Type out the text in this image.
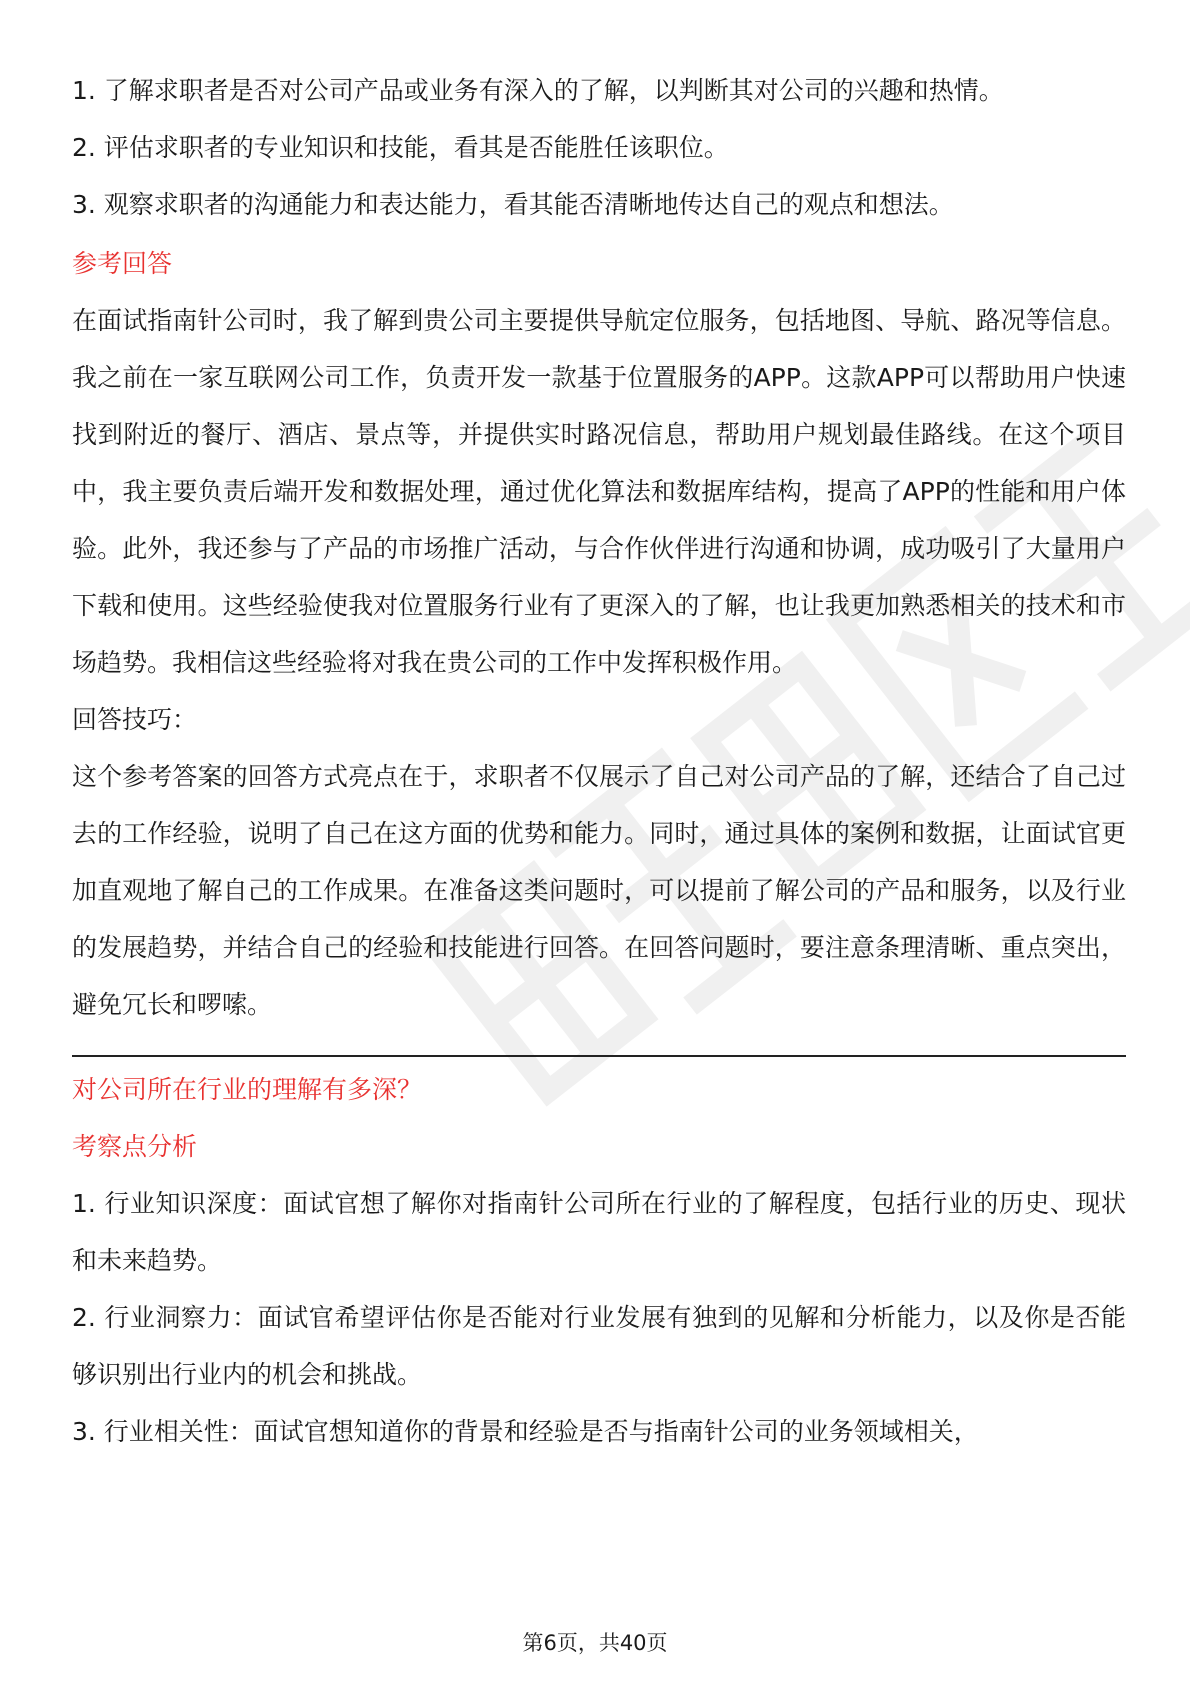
1. 了解求职者是否对公司产品或业务有深入的了解，以判断其对公司的兴趣和热情。

2. 评估求职者的专业知识和技能，看其是否能胜任该职位。

3. 观察求职者的沟通能力和表达能力，看其能否清晰地传达自己的观点和想法。

参考回答

在面试指南针公司时，我了解到贵公司主要提供导航定位服务，包括地图、导航、路况等信息。我之前在一家互联网公司工作，负责开发一款基于位置服务的APP。这款APP可以帮助用户快速找到附近的餐厅、酒店、景点等，并提供实时路况信息，帮助用户规划最佳路线。在这个项目中，我主要负责后端开发和数据处理，通过优化算法和数据库结构，提高了APP的性能和用户体验。此外，我还参与了产品的市场推广活动，与合作伙伴进行沟通和协调，成功吸引了大量用户下载和使用。这些经验使我对位置服务行业有了更深入的了解，也让我更加熟悉相关的技术和市场趋势。我相信这些经验将对我在贵公司的工作中发挥积极作用。

回答技巧：

这个参考答案的回答方式亮点在于，求职者不仅展示了自己对公司产品的了解，还结合了自己过去的工作经验，说明了自己在这方面的优势和能力。同时，通过具体的案例和数据，让面试官更加直观地了解自己的工作成果。在准备这类问题时，可以提前了解公司的产品和服务，以及行业的发展趋势，并结合自己的经验和技能进行回答。在回答问题时，要注意条理清晰、重点突出，避免冗长和啰嗦。

对公司所在行业的理解有多深？
考察点分析

1. 行业知识深度：面试官想了解你对指南针公司所在行业的了解程度，包括行业的历史、现状和未来趋势。

2. 行业洞察力：面试官希望评估你是否能对行业发展有独到的见解和分析能力，以及你是否能够识别出行业内的机会和挑战。

3. 行业相关性：面试官想知道你的背景和经验是否与指南针公司的业务领域相关，

第6页，共40页
